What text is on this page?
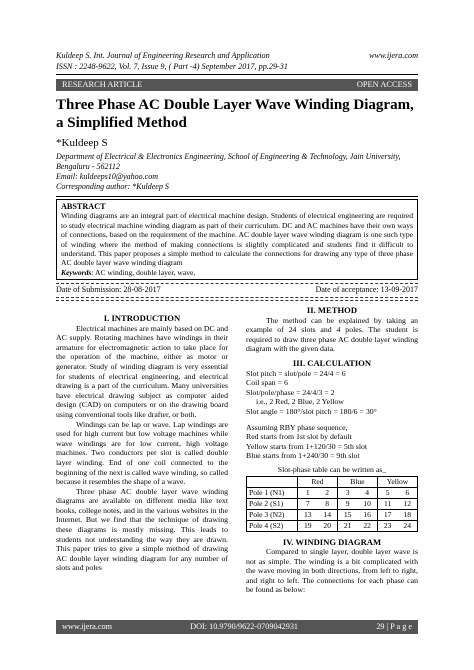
Kuldeep S. Int. Journal of Engineering Research and Application	www.ijera.com
ISSN : 2248-9622, Vol. 7, Issue 9, ( Part -4) September 2017, pp.29-31
RESEARCH ARTICLE	OPEN ACCESS
Three Phase AC Double Layer Wave Winding Diagram, a Simplified Method
*Kuldeep S
Department of Electrical & Electronics Engineering, School of Engineering & Technology, Jain University, Bengaluru - 562112
Email: kuldeeps10@yahoo.com
Corresponding author: *Kuldeep S
ABSTRACT
Winding diagrams are an integral part of electrical machine design. Students of electrical engineering are required to study electrical machine winding diagram as part of their curriculum. DC and AC machines have their own ways of connections, based on the requirement of the machine. AC double layer wave winding diagram is one such type of winding where the method of making connections is slightly complicated and students find it difficult to understand. This paper proposes a simple method to calculate the connections for drawing any type of three phase AC double layer wave winding diagram
Keywords: AC winding, double layer, wave,
Date of Submission: 28-08-2017	Date of acceptance: 13-09-2017
I. INTRODUCTION

Electrical machines are mainly based on DC and AC supply. Rotating machines have windings in their armature for electromagnetic action to take place for the operation of the machine, either as motor or generator. Study of winding diagram is very essential for students of electrical engineering, and electrical drawing is a part of the curriculum. Many universities have electrical drawing subject as computer aided design (CAD) on computers or on the drawing board using conventional tools like drafter, or both.

Windings can be lap or wave. Lap windings are used for high current but low voltage machines while wave windings are for low current, high voltage machines. Two conductors per slot is called double layer winding. End of one coil connected to the beginning of the next is called wave winding, so called because it resembles the shape of a wave.

Three phase AC double layer wave winding diagrams are available on different media like text books, college notes, and in the various websites in the Internet. But we find that the technique of drawing these diagrams is mostly missing. This leads to students not understanding the way they are drawn. This paper tries to give a simple method of drawing AC double layer winding diagram for any number of slots and poles

II. METHOD

The method can be explained by taking an example of 24 slots and 4 poles. The student is required to draw three phase AC double layer winding diagram with the given data.

III. CALCULATION
Slot pitch = slot/pole = 24/4 = 6
Coil span = 6
Slot/pole/phase = 24/4/3 = 2
i.e., 2 Red, 2 Blue, 2 Yellow
Slot angle = 180°/slot pitch = 180/6 = 30°
Assuming RBY phase sequence,
Red starts from 1st slot by default
Yellow starts from 1+120/30 = 5th slot
Blue starts from 1+240/30 = 9th slot
Slot-phase table can be written as_
	Red		Blue		Yellow	
Pole 1 (N1)	1	2	3	4	5	6
Pole 2 (S1)	7	8	9	10	11	12
Pole 3 (N2)	13	14	15	16	17	18
Pole 4 (S2)	19	20	21	22	23	24
IV. WINDING DIAGRAM

Compared to single layer, double layer wave is not as simple. The winding is a bit complicated with the wave moving in both directions, from left to right, and right to left. The connections for each phase can be found as below:

www.ijera.com	DOI: 10.9790/9622-0709042931	29 | P a g e
